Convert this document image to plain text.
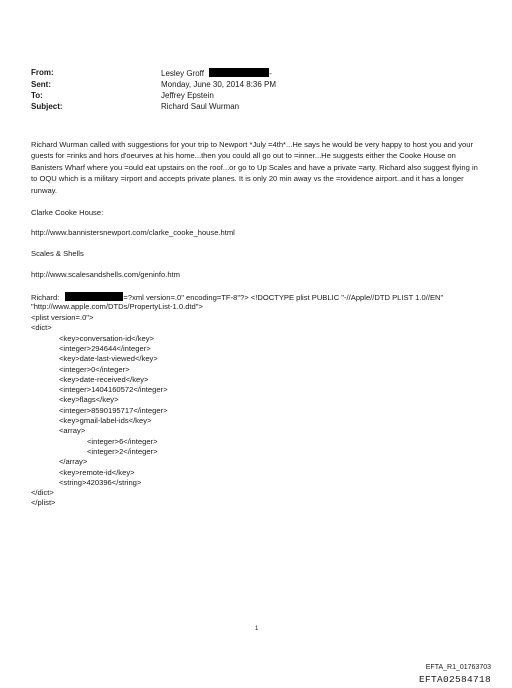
From:	Lesley Groff	-
Sent:	Monday, June 30, 2014 8:36 PM
To:	Jeffrey Epstein
Subject:	Richard Saul Wurman

Richard Wurman called with suggestions for your trip to Newport *July =4th*...He says he would be very happy to host you and your guests for =rinks and hors d'oeurves at his home...then you could all go out to =inner...He suggests either the Cooke House on Banisters Wharf where you =ould eat upstairs on the roof...or go to Up Scales and have a private =arty. Richard also suggest flying in to OQU which is a military =irport and accepts private planes. It is only 20 min away vs the =rovidence airport..and it has a longer runway.

Clarke Cooke House:
http://www.bannistersnewport.com/clarke_cooke_house.html
Scales & Shells
http://www.scalesandshells.com/geninfo.htm
Richard:	=?xml version=.0" encoding=TF-8"?> <!DOCTYPE plist PUBLIC "-//Apple//DTD PLIST 1.0//EN"
"http://www.apple.com/DTDs/PropertyList-1.0.dtd">
<plist version=.0">
<dict>
<key>conversation-id</key>
<integer>294644</integer>
<key>date-last-viewed</key>
<integer>0</integer>
<key>date-received</key>
<integer>1404160572</integer>
<key>flags</key>
<integer>8590195717</integer>
<key>gmail-label-ids</key>
<array>
<integer>6</integer>
<integer>2</integer>
</array>
<key>remote-id</key>
<string>420396</string>
</dict>
</plist>
1
EFTA_R1_01763703
EFTA02584718
